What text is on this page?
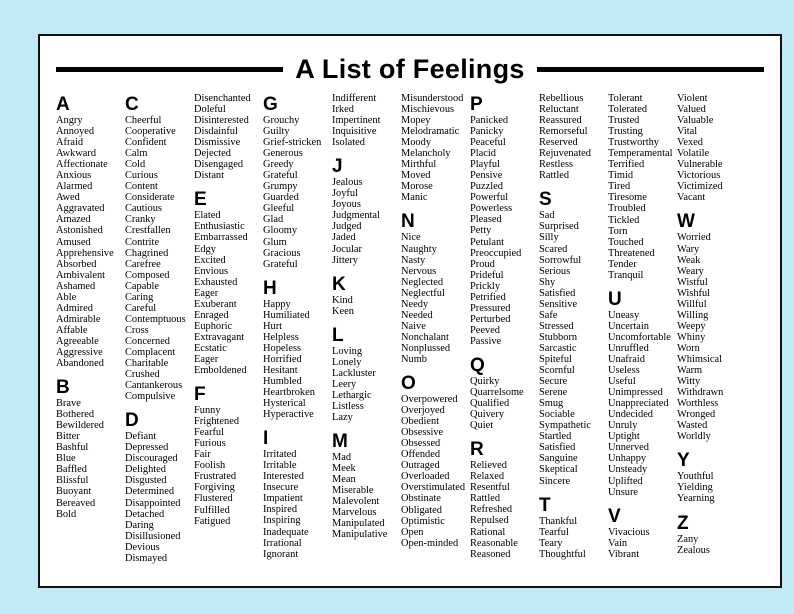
A List of Feelings
A
Angry
Annoyed
Afraid
Awkward
Affectionate
Anxious
Alarmed
Awed
Aggravated
Amazed
Astonished
Amused
Apprehensive
Absorbed
Ambivalent
Ashamed
Able
Admired
Admirable
Affable
Agreeable
Aggressive
Abandoned
B
Brave
Bothered
Bewildered
Bitter
Bashful
Blue
Baffled
Blissful
Buoyant
Bereaved
Bold
C
Cheerful
Cooperative
Confident
Calm
Cold
Curious
Content
Considerate
Cautious
Cranky
Crestfallen
Contrite
Chagrined
Carefree
Composed
Capable
Caring
Careful
Contemptuous
Cross
Concerned
Complacent
Charitable
Crushed
Cantankerous
Compulsive
D
Defiant
Depressed
Discouraged
Delighted
Disgusted
Determined
Disappointed
Detached
Daring
Disillusioned
Devious
Dismayed
Disenchanted
Doleful
Disinterested
Disdainful
Dismissive
Dejected
Disengaged
Distant
E
Elated
Enthusiastic
Embarrassed
Edgy
Excited
Envious
Exhausted
Eager
Exuberant
Enraged
Euphoric
Extravagant
Ecstatic
Eager
Emboldened
F
Funny
Frightened
Fearful
Furious
Fair
Foolish
Frustrated
Forgiving
Flustered
Fulfilled
Fatigued
G
Grouchy
Guilty
Grief-stricken
Generous
Greedy
Grateful
Grumpy
Guarded
Gleeful
Glad
Gloomy
Glum
Gracious
Grateful
H
Happy
Humiliated
Hurt
Helpless
Hopeless
Horrified
Hesitant
Humbled
Heartbroken
Hysterical
Hyperactive
I
Irritated
Irritable
Interested
Insecure
Impatient
Inspired
Inspiring
Inadequate
Irrational
Ignorant
Indifferent
Irked
Impertinent
Inquisitive
Isolated
J
Jealous
Joyful
Joyous
Judgmental
Judged
Jaded
Jocular
Jittery
K
Kind
Keen
L
Loving
Lonely
Lackluster
Leery
Lethargic
Listless
Lazy
M
Mad
Meek
Mean
Miserable
Malevolent
Marvelous
Manipulated
Manipulative
Misunderstood
Mischievous
Mopey
Melodramatic
Moody
Melancholy
Mirthful
Moved
Morose
Manic
N
Nice
Naughty
Nasty
Nervous
Neglected
Neglectful
Needy
Needed
Naive
Nonchalant
Nonplussed
Numb
O
Overpowered
Overjoyed
Obedient
Obsessive
Obsessed
Offended
Outraged
Overloaded
Overstimulated
Obstinate
Obligated
Optimistic
Open
Open-minded
P
Panicked
Panicky
Peaceful
Placid
Playful
Pensive
Puzzled
Powerful
Powerless
Pleased
Petty
Petulant
Preoccupied
Proud
Prideful
Prickly
Petrified
Pressured
Perturbed
Peeved
Passive
Q
Quirky
Quarrelsome
Qualified
Quivery
Quiet
R
Relieved
Relaxed
Resentful
Rattled
Refreshed
Repulsed
Rational
Reasonable
Reasoned
Rebellious
Reluctant
Reassured
Remorseful
Reserved
Rejuvenated
Restless
Rattled
S
Sad
Surprised
Silly
Scared
Sorrowful
Serious
Shy
Satisfied
Sensitive
Safe
Stressed
Stubborn
Sarcastic
Spiteful
Scornful
Secure
Serene
Smug
Sociable
Sympathetic
Startled
Satisfied
Sanguine
Skeptical
Sincere
T
Thankful
Tearful
Teary
Thoughtful
Tolerant
Tolerated
Trusted
Trusting
Trustworthy
Temperamental
Terrified
Timid
Tired
Tiresome
Troubled
Tickled
Torn
Touched
Threatened
Tender
Tranquil
U
Uneasy
Uncertain
Uncomfortable
Unruffled
Unafraid
Useless
Useful
Unimpressed
Unappreciated
Undecided
Unruly
Uptight
Unnerved
Unhappy
Unsteady
Uplifted
Unsure
V
Vivacious
Vain
Vibrant
Violent
Valued
Valuable
Vital
Vexed
Volatile
Vulnerable
Victorious
Victimized
Vacant
W
Worried
Wary
Weak
Weary
Wistful
Wishful
Willful
Willing
Weepy
Whiny
Worn
Whimsical
Warm
Witty
Withdrawn
Worthless
Wronged
Wasted
Worldly
Y
Youthful
Yielding
Yearning
Z
Zany
Zealous
